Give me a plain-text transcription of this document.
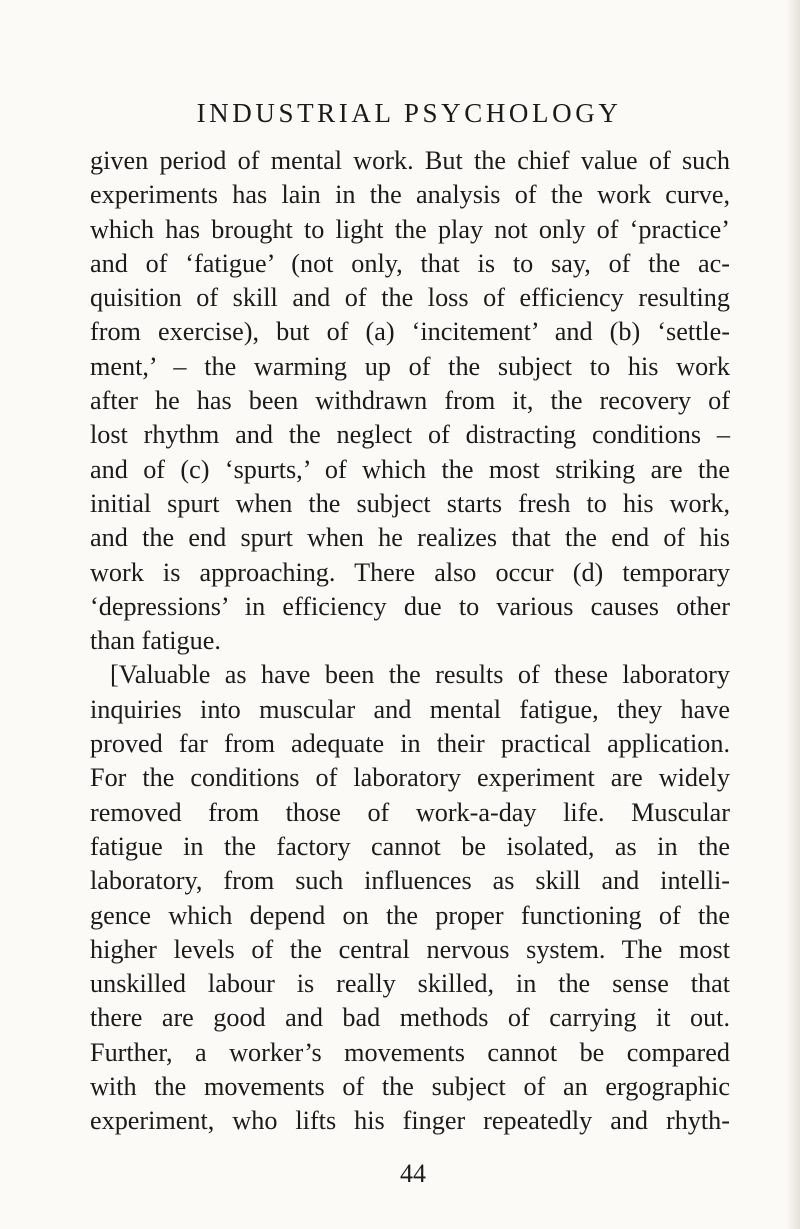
INDUSTRIAL PSYCHOLOGY
given period of mental work. But the chief value of such
experiments has lain in the analysis of the work curve,
which has brought to light the play not only of ‘practice’
and of ‘fatigue’ (not only, that is to say, of the ac-
quisition of skill and of the loss of efficiency resulting
from exercise), but of (a) ‘incitement’ and (b) ‘settle-
ment,’ – the warming up of the subject to his work
after he has been withdrawn from it, the recovery of
lost rhythm and the neglect of distracting conditions –
and of (c) ‘spurts,’ of which the most striking are the
initial spurt when the subject starts fresh to his work,
and the end spurt when he realizes that the end of his
work is approaching. There also occur (d) temporary
‘depressions’ in efficiency due to various causes other
than fatigue.
[Valuable as have been the results of these laboratory
inquiries into muscular and mental fatigue, they have
proved far from adequate in their practical application.
For the conditions of laboratory experiment are widely
removed from those of work-a-day life. Muscular
fatigue in the factory cannot be isolated, as in the
laboratory, from such influences as skill and intelli-
gence which depend on the proper functioning of the
higher levels of the central nervous system. The most
unskilled labour is really skilled, in the sense that
there are good and bad methods of carrying it out.
Further, a worker’s movements cannot be compared
with the movements of the subject of an ergographic
experiment, who lifts his finger repeatedly and rhyth-
44
